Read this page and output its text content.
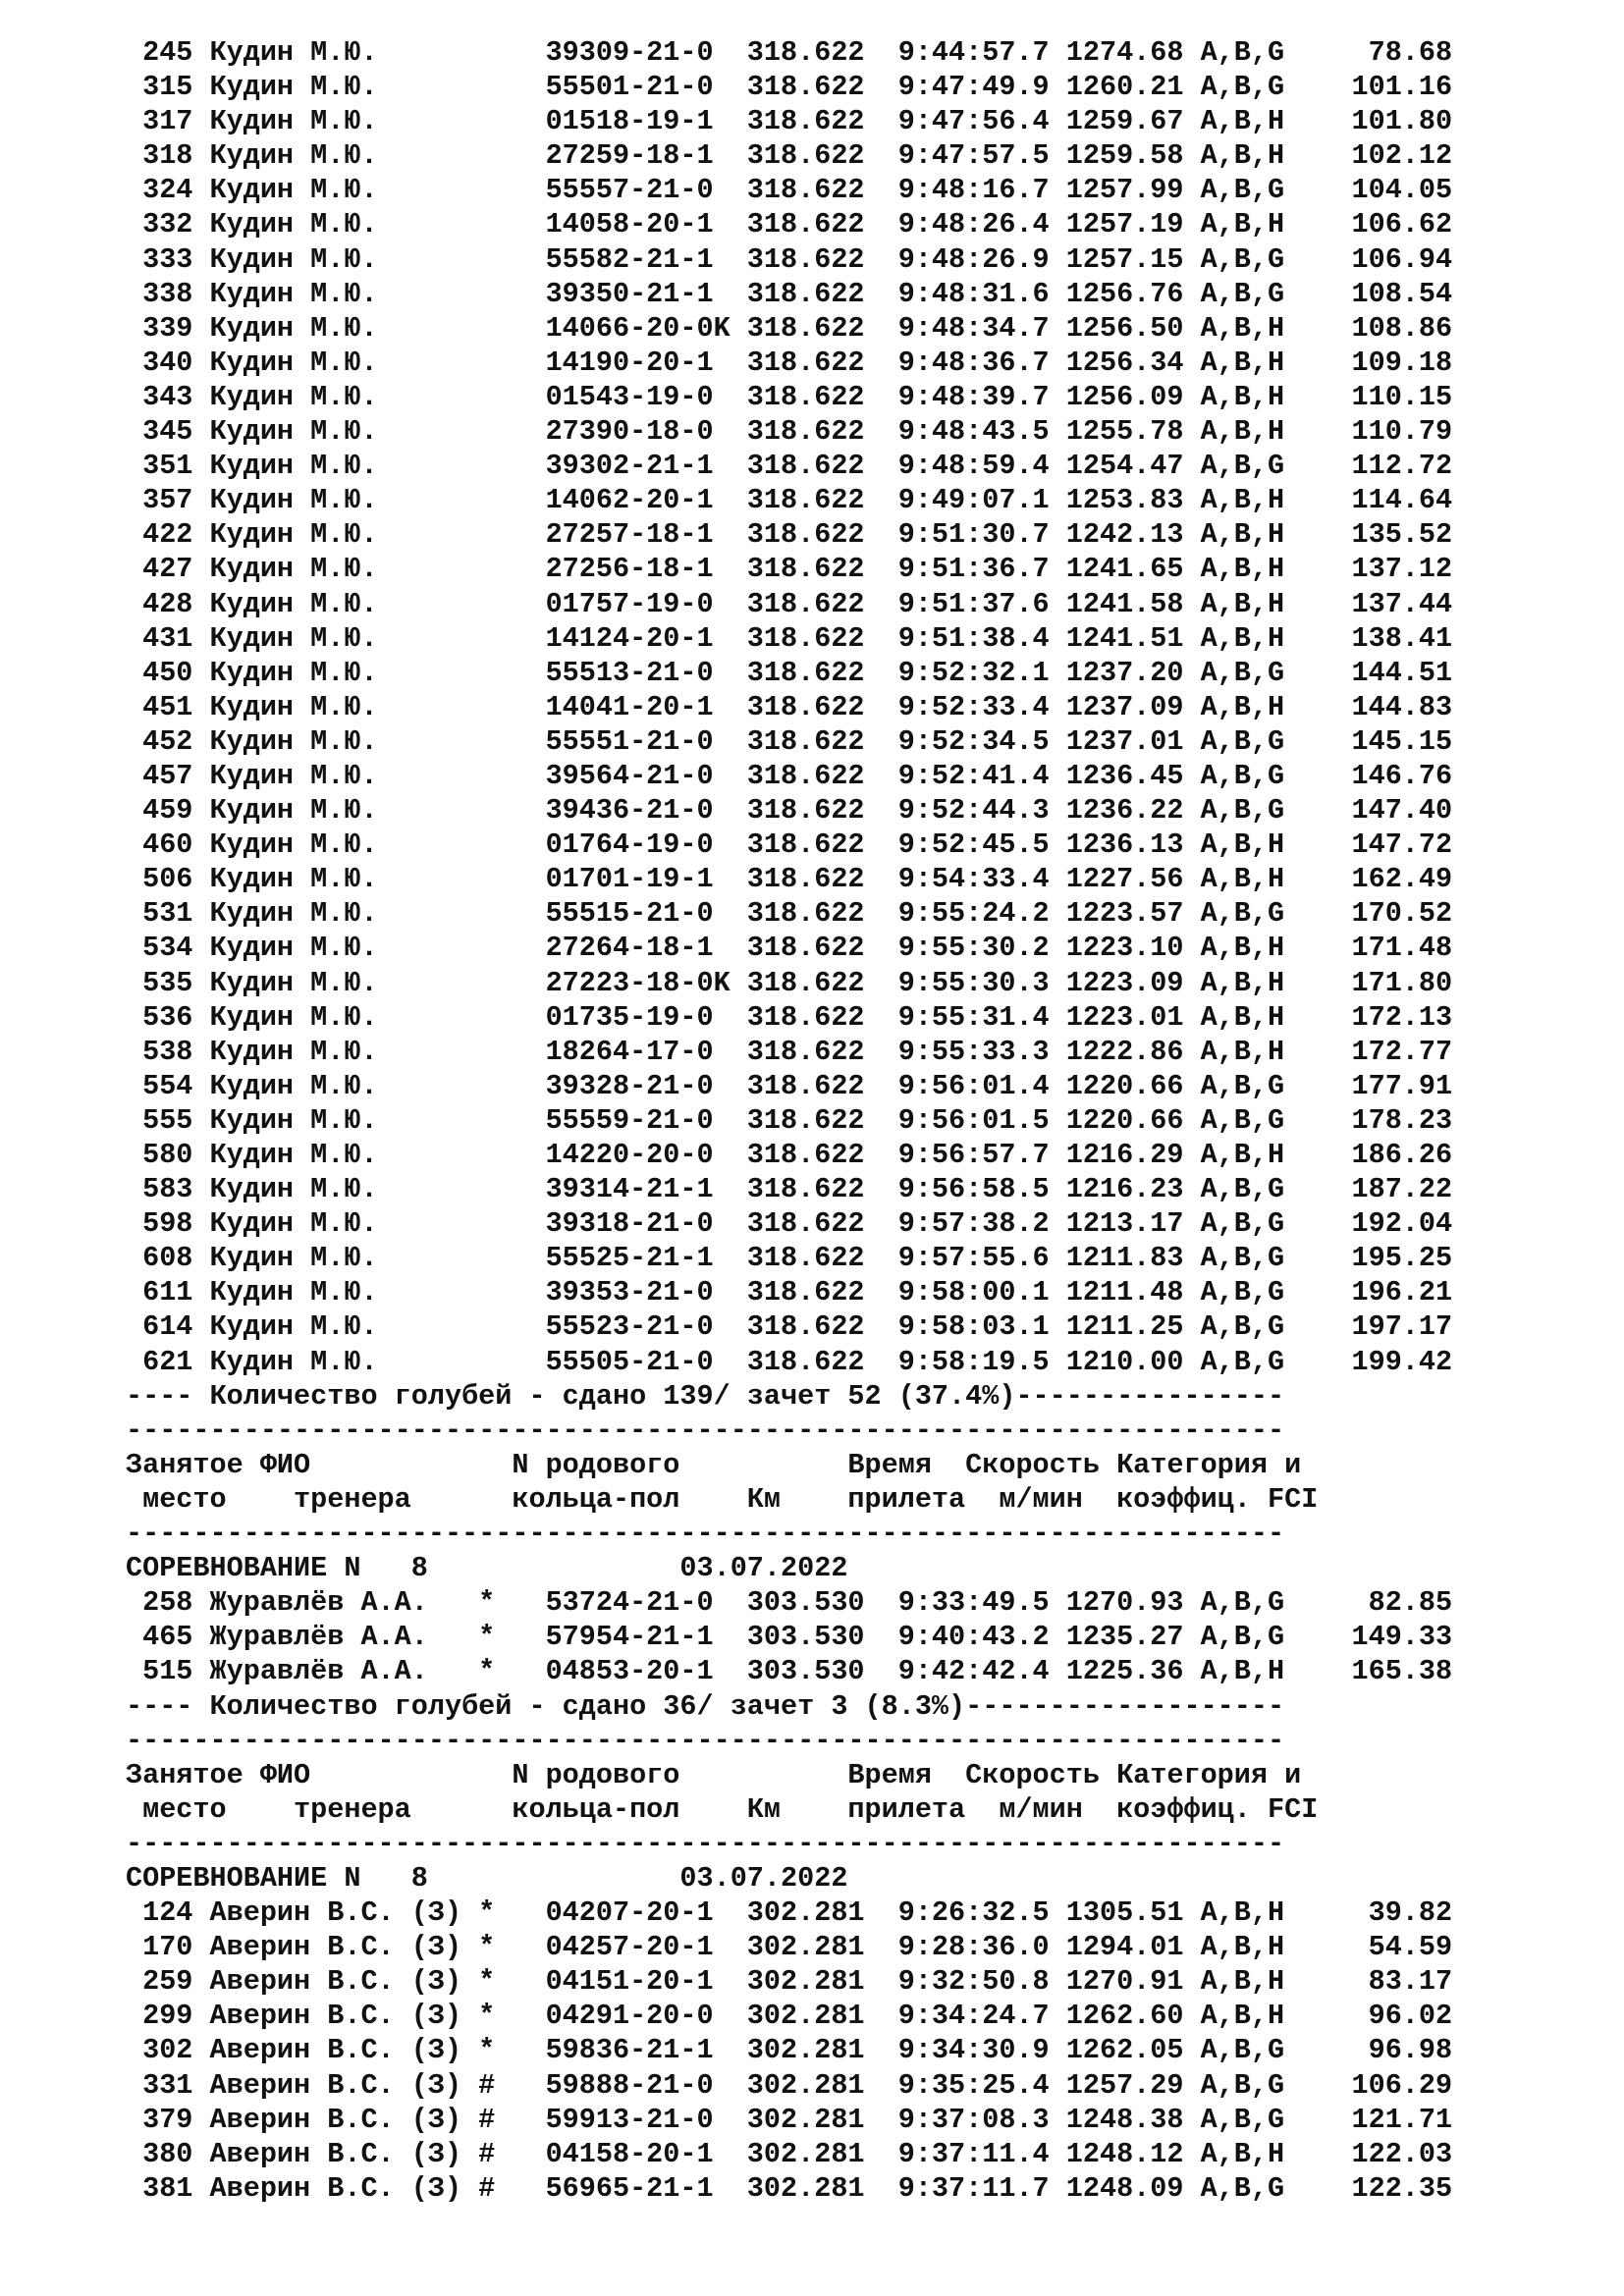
245 Кудин М.Ю.          39309-21-0  318.622  9:44:57.7 1274.68 A,B,G     78.68
315 Кудин М.Ю.          55501-21-0  318.622  9:47:49.9 1260.21 A,B,G    101.16
317 Кудин М.Ю.          01518-19-1  318.622  9:47:56.4 1259.67 A,B,H    101.80
318 Кудин М.Ю.          27259-18-1  318.622  9:47:57.5 1259.58 A,B,H    102.12
324 Кудин М.Ю.          55557-21-0  318.622  9:48:16.7 1257.99 A,B,G    104.05
332 Кудин М.Ю.          14058-20-1  318.622  9:48:26.4 1257.19 A,B,H    106.62
333 Кудин М.Ю.          55582-21-1  318.622  9:48:26.9 1257.15 A,B,G    106.94
338 Кудин М.Ю.          39350-21-1  318.622  9:48:31.6 1256.76 A,B,G    108.54
339 Кудин М.Ю.          14066-20-0K 318.622  9:48:34.7 1256.50 A,B,H    108.86
340 Кудин М.Ю.          14190-20-1  318.622  9:48:36.7 1256.34 A,B,H    109.18
343 Кудин М.Ю.          01543-19-0  318.622  9:48:39.7 1256.09 A,B,H    110.15
345 Кудин М.Ю.          27390-18-0  318.622  9:48:43.5 1255.78 A,B,H    110.79
351 Кудин М.Ю.          39302-21-1  318.622  9:48:59.4 1254.47 A,B,G    112.72
357 Кудин М.Ю.          14062-20-1  318.622  9:49:07.1 1253.83 A,B,H    114.64
422 Кудин М.Ю.          27257-18-1  318.622  9:51:30.7 1242.13 A,B,H    135.52
427 Кудин М.Ю.          27256-18-1  318.622  9:51:36.7 1241.65 A,B,H    137.12
428 Кудин М.Ю.          01757-19-0  318.622  9:51:37.6 1241.58 A,B,H    137.44
431 Кудин М.Ю.          14124-20-1  318.622  9:51:38.4 1241.51 A,B,H    138.41
450 Кудин М.Ю.          55513-21-0  318.622  9:52:32.1 1237.20 A,B,G    144.51
451 Кудин М.Ю.          14041-20-1  318.622  9:52:33.4 1237.09 A,B,H    144.83
452 Кудин М.Ю.          55551-21-0  318.622  9:52:34.5 1237.01 A,B,G    145.15
457 Кудин М.Ю.          39564-21-0  318.622  9:52:41.4 1236.45 A,B,G    146.76
459 Кудин М.Ю.          39436-21-0  318.622  9:52:44.3 1236.22 A,B,G    147.40
460 Кудин М.Ю.          01764-19-0  318.622  9:52:45.5 1236.13 A,B,H    147.72
506 Кудин М.Ю.          01701-19-1  318.622  9:54:33.4 1227.56 A,B,H    162.49
531 Кудин М.Ю.          55515-21-0  318.622  9:55:24.2 1223.57 A,B,G    170.52
534 Кудин М.Ю.          27264-18-1  318.622  9:55:30.2 1223.10 A,B,H    171.48
535 Кудин М.Ю.          27223-18-0K 318.622  9:55:30.3 1223.09 A,B,H    171.80
536 Кудин М.Ю.          01735-19-0  318.622  9:55:31.4 1223.01 A,B,H    172.13
538 Кудин М.Ю.          18264-17-0  318.622  9:55:33.3 1222.86 A,B,H    172.77
554 Кудин М.Ю.          39328-21-0  318.622  9:56:01.4 1220.66 A,B,G    177.91
555 Кудин М.Ю.          55559-21-0  318.622  9:56:01.5 1220.66 A,B,G    178.23
580 Кудин М.Ю.          14220-20-0  318.622  9:56:57.7 1216.29 A,B,H    186.26
583 Кудин М.Ю.          39314-21-1  318.622  9:56:58.5 1216.23 A,B,G    187.22
598 Кудин М.Ю.          39318-21-0  318.622  9:57:38.2 1213.17 A,B,G    192.04
608 Кудин М.Ю.          55525-21-1  318.622  9:57:55.6 1211.83 A,B,G    195.25
611 Кудин М.Ю.          39353-21-0  318.622  9:58:00.1 1211.48 A,B,G    196.21
614 Кудин М.Ю.          55523-21-0  318.622  9:58:03.1 1211.25 A,B,G    197.17
621 Кудин М.Ю.          55505-21-0  318.622  9:58:19.5 1210.00 A,B,G    199.42
---- Количество голубей - сдано 139/ зачет 52 (37.4%)----------------
---------------------------------------------------------------------
Занятое ФИО            N родового          Время  Скорость Категория и
место    тренера      кольца-пол    Км    прилета  м/мин  коэффиц. FCI
---------------------------------------------------------------------
СОРЕВНОВАНИЕ N   8               03.07.2022
258 Журавлёв А.А.   *   53724-21-0  303.530  9:33:49.5 1270.93 A,B,G     82.85
465 Журавлёв А.А.   *   57954-21-1  303.530  9:40:43.2 1235.27 A,B,G    149.33
515 Журавлёв А.А.   *   04853-20-1  303.530  9:42:42.4 1225.36 A,B,H    165.38
---- Количество голубей - сдано 36/ зачет 3 (8.3%)-------------------
---------------------------------------------------------------------
Занятое ФИО            N родового          Время  Скорость Категория и
место    тренера      кольца-пол    Км    прилета  м/мин  коэффиц. FCI
---------------------------------------------------------------------
СОРЕВНОВАНИЕ N   8               03.07.2022
124 Аверин В.С. (З) *   04207-20-1  302.281  9:26:32.5 1305.51 A,B,H     39.82
170 Аверин В.С. (З) *   04257-20-1  302.281  9:28:36.0 1294.01 A,B,H     54.59
259 Аверин В.С. (З) *   04151-20-1  302.281  9:32:50.8 1270.91 A,B,H     83.17
299 Аверин В.С. (З) *   04291-20-0  302.281  9:34:24.7 1262.60 A,B,H     96.02
302 Аверин В.С. (З) *   59836-21-1  302.281  9:34:30.9 1262.05 A,B,G     96.98
331 Аверин В.С. (З) #   59888-21-0  302.281  9:35:25.4 1257.29 A,B,G    106.29
379 Аверин В.С. (З) #   59913-21-0  302.281  9:37:08.3 1248.38 A,B,G    121.71
380 Аверин В.С. (З) #   04158-20-1  302.281  9:37:11.4 1248.12 A,B,H    122.03
381 Аверин В.С. (З) #   56965-21-1  302.281  9:37:11.7 1248.09 A,B,G    122.35
